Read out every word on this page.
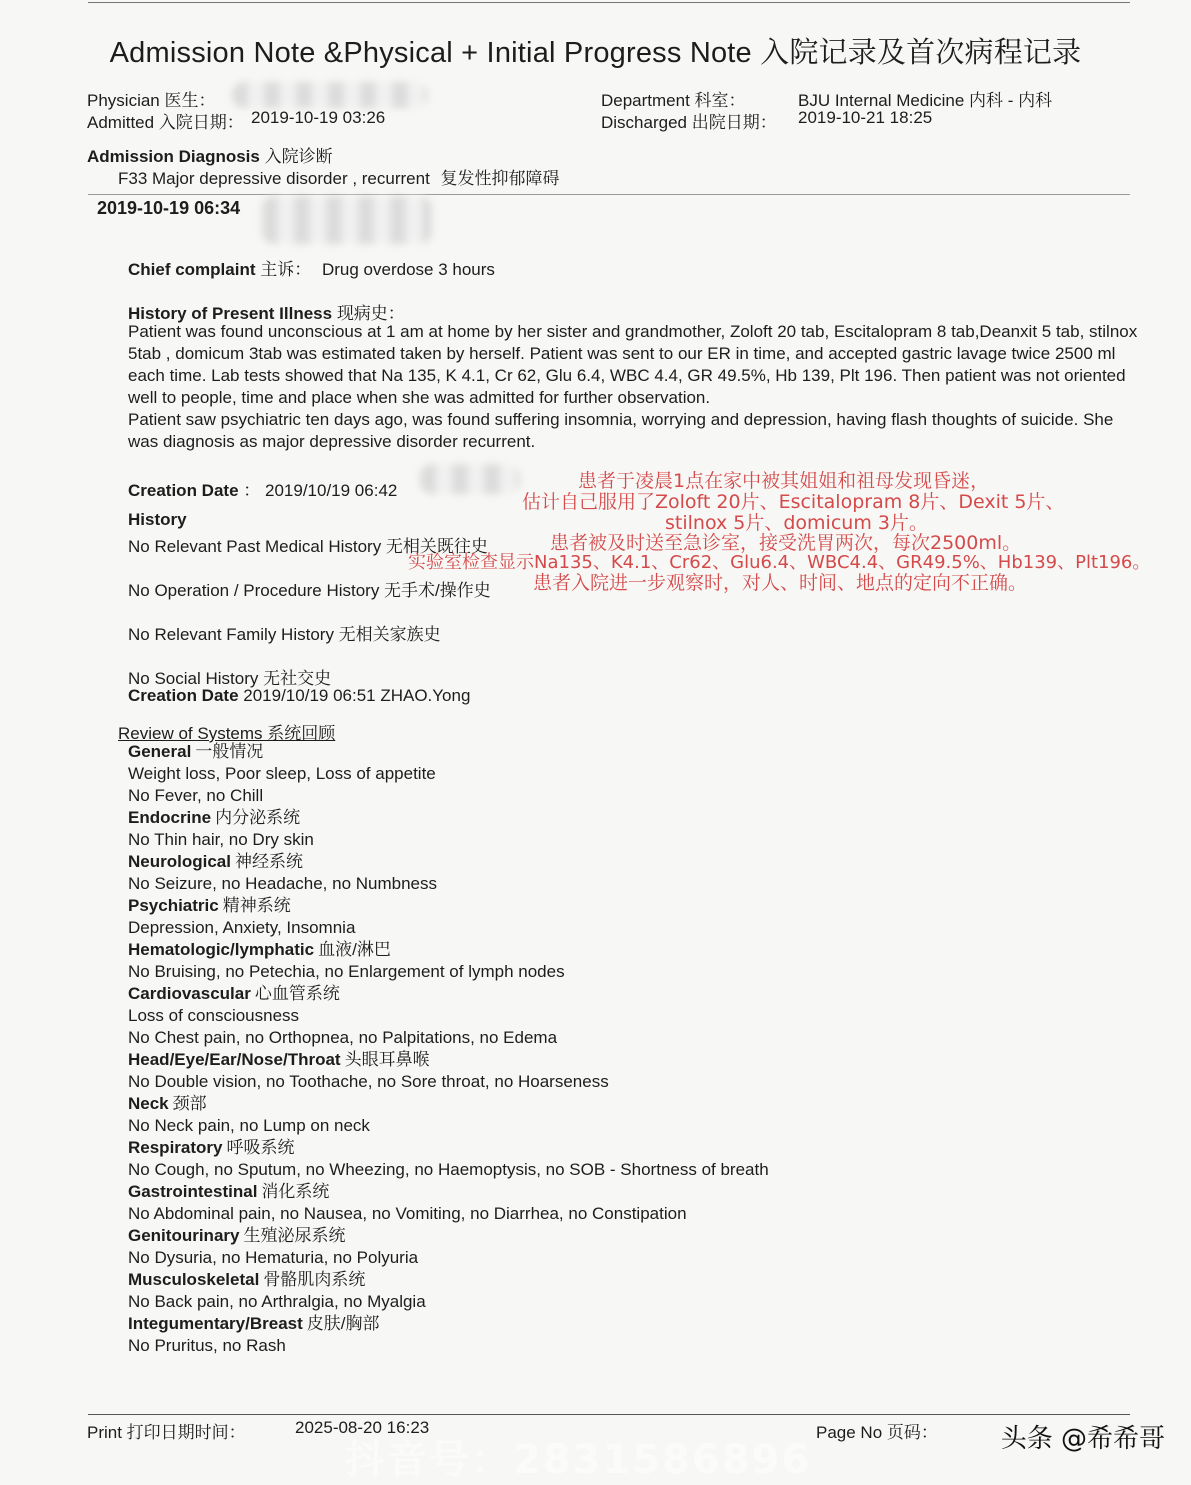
Admission Note &Physical + Initial Progress Note 入院记录及首次病程记录
Physician 医生：
Admitted 入院日期： 2019-10-19 03:26
Department 科室：	BJU Internal Medicine 内科 - 内科
Discharged 出院日期： 2019-10-21 18:25
Admission Diagnosis 入院诊断
F33 Major depressive disorder , recurrent 复发性抑郁障碍
2019-10-19 06:34
Chief complaint 主诉： Drug overdose 3 hours
History of Present Illness 现病史：

Patient was found unconscious at 1 am at home by her sister and grandmother, Zoloft 20 tab, Escitalopram 8 tab,Deanxit 5 tab, stilnox 5tab , domicum 3tab was estimated taken by herself. Patient was sent to our ER in time, and accepted gastric lavage twice 2500 ml each time. Lab tests showed that Na 135, K 4.1, Cr 62, Glu 6.4, WBC 4.4, GR 49.5%, Hb 139, Plt 196. Then patient was not oriented well to people, time and place when she was admitted for further observation.

Patient saw psychiatric ten days ago, was found suffering insomnia, worrying and depression, having flash thoughts of suicide. She was diagnosis as major depressive disorder recurrent.

Creation Date ： 2019/10/19 06:42
History
No Relevant Past Medical History 无相关既往史
No Operation / Procedure History 无手术/操作史
No Relevant Family History 无相关家族史
No Social History 无社交史
Creation Date 2019/10/19 06:51 ZHAO.Yong
患者于凌晨1点在家中被其姐姐和祖母发现昏迷，
估计自己服用了Zoloft 20片、Escitalopram 8片、Dexit 5片、
stilnox 5片、domicum 3片。
患者被及时送至急诊室，接受洗胃两次，每次2500ml。
实验室检查显示Na135、K4.1、Cr62、Glu6.4、WBC4.4、GR49.5%、Hb139、Plt196。
患者入院进一步观察时，对人、时间、地点的定向不正确。
Review of Systems 系统回顾
General 一般情况
Weight loss, Poor sleep, Loss of appetite
No Fever, no Chill
Endocrine 内分泌系统
No Thin hair, no Dry skin
Neurological 神经系统
No Seizure, no Headache, no Numbness
Psychiatric 精神系统
Depression, Anxiety, Insomnia
Hematologic/lymphatic 血液/淋巴
No Bruising, no Petechia, no Enlargement of lymph nodes
Cardiovascular 心血管系统
Loss of consciousness
No Chest pain, no Orthopnea, no Palpitations, no Edema
Head/Eye/Ear/Nose/Throat 头眼耳鼻喉
No Double vision, no Toothache, no Sore throat, no Hoarseness
Neck 颈部
No Neck pain, no Lump on neck
Respiratory 呼吸系统
No Cough, no Sputum, no Wheezing, no Haemoptysis, no SOB - Shortness of breath
Gastrointestinal 消化系统
No Abdominal pain, no Nausea, no Vomiting, no Diarrhea, no Constipation
Genitourinary 生殖泌尿系统
No Dysuria, no Hematuria, no Polyuria
Musculoskeletal 骨骼肌肉系统
No Back pain, no Arthralgia, no Myalgia
Integumentary/Breast 皮肤/胸部
No Pruritus, no Rash
Print 打印日期时间：	2025-08-20 16:23	Page No 页码：
抖音号：2831586896	头条 @希希哥
